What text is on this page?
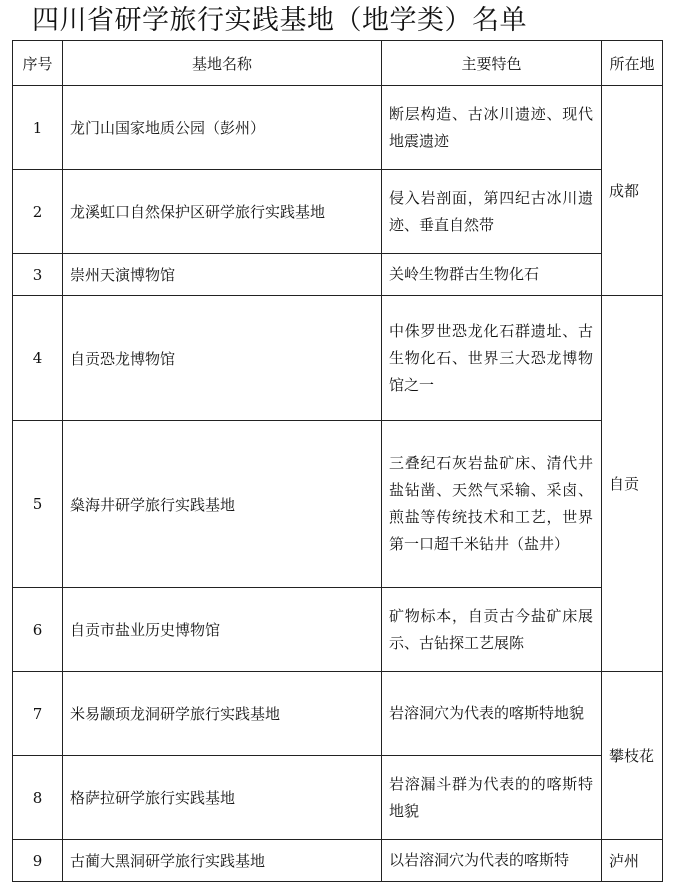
四川省研学旅行实践基地（地学类）名单
序号	基地名称	主要特色	所在地
1	龙门山国家地质公园（彭州）	断层构造、古冰川遗迹、现代地震遗迹	成都
2	龙溪虹口自然保护区研学旅行实践基地	侵入岩剖面，第四纪古冰川遗迹、垂直自然带	
3	崇州天演博物馆	关岭生物群古生物化石	
4	自贡恐龙博物馆	中侏罗世恐龙化石群遗址、古生物化石、世界三大恐龙博物馆之一	自贡
5	燊海井研学旅行实践基地	三叠纪石灰岩盐矿床、清代井盐钻凿、天然气采输、采卤、煎盐等传统技术和工艺，世界第一口超千米钻井（盐井）	
6	自贡市盐业历史博物馆	矿物标本，自贡古今盐矿床展示、古钻探工艺展陈	
7	米易颛顼龙洞研学旅行实践基地	岩溶洞穴为代表的喀斯特地貌	攀枝花
8	格萨拉研学旅行实践基地	岩溶漏斗群为代表的的喀斯特地貌	
9	古蔺大黑洞研学旅行实践基地	以岩溶洞穴为代表的喀斯特	泸州
